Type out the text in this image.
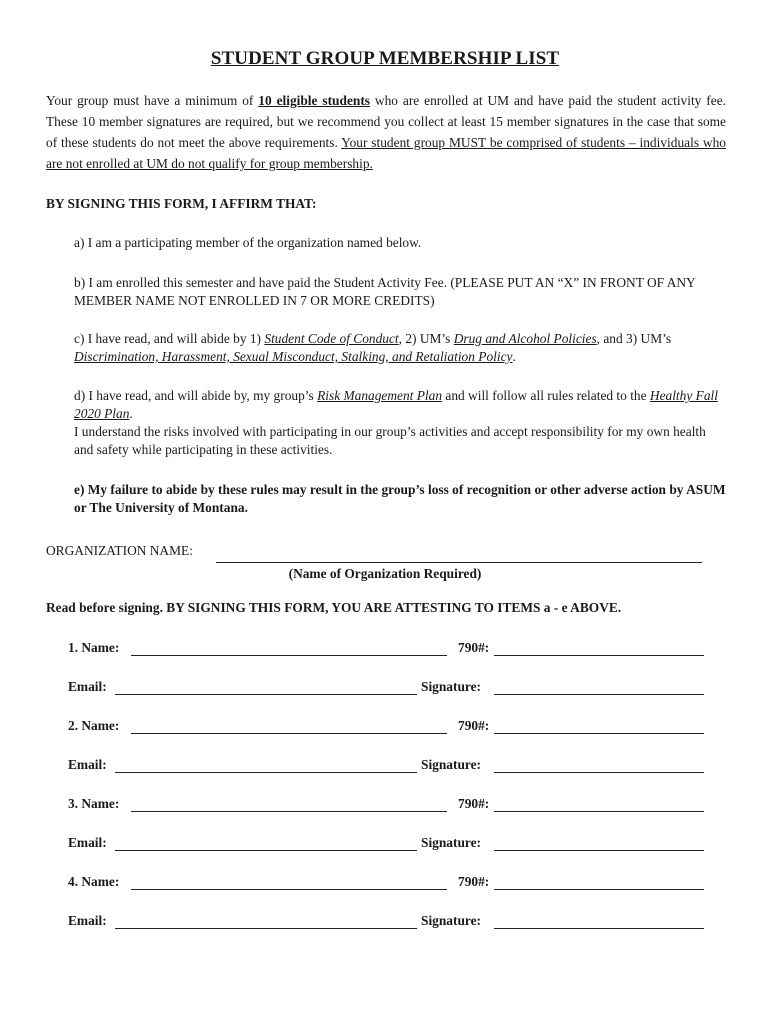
STUDENT GROUP MEMBERSHIP LIST
Your group must have a minimum of 10 eligible students who are enrolled at UM and have paid the student activity fee. These 10 member signatures are required, but we recommend you collect at least 15 member signatures in the case that some of these students do not meet the above requirements. Your student group MUST be comprised of students – individuals who are not enrolled at UM do not qualify for group membership.
BY SIGNING THIS FORM, I AFFIRM THAT:
a) I am a participating member of the organization named below.
b) I am enrolled this semester and have paid the Student Activity Fee. (PLEASE PUT AN “X” IN FRONT OF ANY MEMBER NAME NOT ENROLLED IN 7 OR MORE CREDITS)
c) I have read, and will abide by 1) Student Code of Conduct, 2) UM’s Drug and Alcohol Policies, and 3) UM’s Discrimination, Harassment, Sexual Misconduct, Stalking, and Retaliation Policy.
d) I have read, and will abide by, my group’s Risk Management Plan and will follow all rules related to the Healthy Fall 2020 Plan.
I understand the risks involved with participating in our group’s activities and accept responsibility for my own health and safety while participating in these activities.
e) My failure to abide by these rules may result in the group’s loss of recognition or other adverse action by ASUM or The University of Montana.
ORGANIZATION NAME:
(Name of Organization Required)
Read before signing. BY SIGNING THIS FORM, YOU ARE ATTESTING TO ITEMS a - e ABOVE.
1. Name:	790#:
Email:	Signature:
2. Name:	790#:
Email:	Signature:
3. Name:	790#:
Email:	Signature:
4. Name:	790#:
Email:	Signature:
